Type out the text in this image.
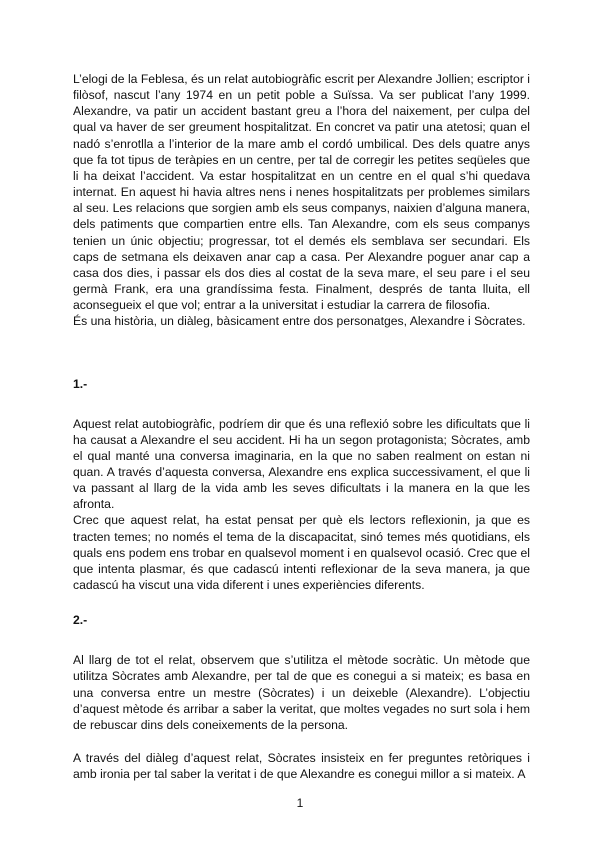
L’elogi de la Feblesa, és un relat autobiogràfic escrit per Alexandre Jollien; escriptor i filòsof, nascut l’any 1974 en un petit poble a Suïssa. Va ser publicat l’any 1999. Alexandre, va patir un accident bastant greu a l’hora del naixement, per culpa del qual va haver de ser greument hospitalitzat. En concret va patir una atetosi; quan el nadó s’enrotlla a l’interior de la mare amb el cordó umbilical. Des dels quatre anys que fa tot tipus de teràpies en un centre, per tal de corregir les petites seqüeles que li ha deixat l’accident. Va estar hospitalitzat en un centre en el qual s’hi quedava internat. En aquest hi havia altres nens i nenes hospitalitzats per problemes similars al seu. Les relacions que sorgien amb els seus companys, naixien d’alguna manera, dels patiments que compartien entre ells. Tan Alexandre, com els seus companys tenien un únic objectiu; progressar, tot el demés els semblava ser secundari. Els caps de setmana els deixaven anar cap a casa. Per Alexandre poguer anar cap a casa dos dies, i passar els dos dies al costat de la seva mare, el seu pare i el seu germà Frank, era una grandíssima festa. Finalment, després de tanta lluita, ell aconsegueix el que vol; entrar a la universitat i estudiar la carrera de filosofia.

És una història, un diàleg, bàsicament entre dos personatges, Alexandre i Sòcrates.

1.-

Aquest relat autobiogràfic, podríem dir que és una reflexió sobre les dificultats que li ha causat a Alexandre el seu accident. Hi ha un segon protagonista; Sòcrates, amb el qual manté una conversa imaginaria, en la que no saben realment on estan ni quan. A través d’aquesta conversa, Alexandre ens explica successivament, el que li va passant al llarg de la vida amb les seves dificultats i la manera en la que les afronta.

Crec que aquest relat, ha estat pensat per què els lectors reflexionin, ja que es tracten temes; no només el tema de la discapacitat, sinó temes més quotidians, els quals ens podem ens trobar en qualsevol moment i en qualsevol ocasió. Crec que el que intenta plasmar, és que cadascú intenti reflexionar de la seva manera, ja que cadascú ha viscut una vida diferent i unes experiències diferents.

2.-

Al llarg de tot el relat, observem que s’utilitza el mètode socràtic. Un mètode que utilitza Sòcrates amb Alexandre, per tal de que es conegui a si mateix; es basa en una conversa entre un mestre (Sòcrates) i un deixeble (Alexandre). L’objectiu d’aquest mètode és arribar a saber la veritat, que moltes vegades no surt sola i hem de rebuscar dins dels coneixements de la persona.

A través del diàleg d’aquest relat, Sòcrates insisteix en fer preguntes retòriques i amb ironia per tal saber la veritat i de que Alexandre es conegui millor a si mateix. A

1
